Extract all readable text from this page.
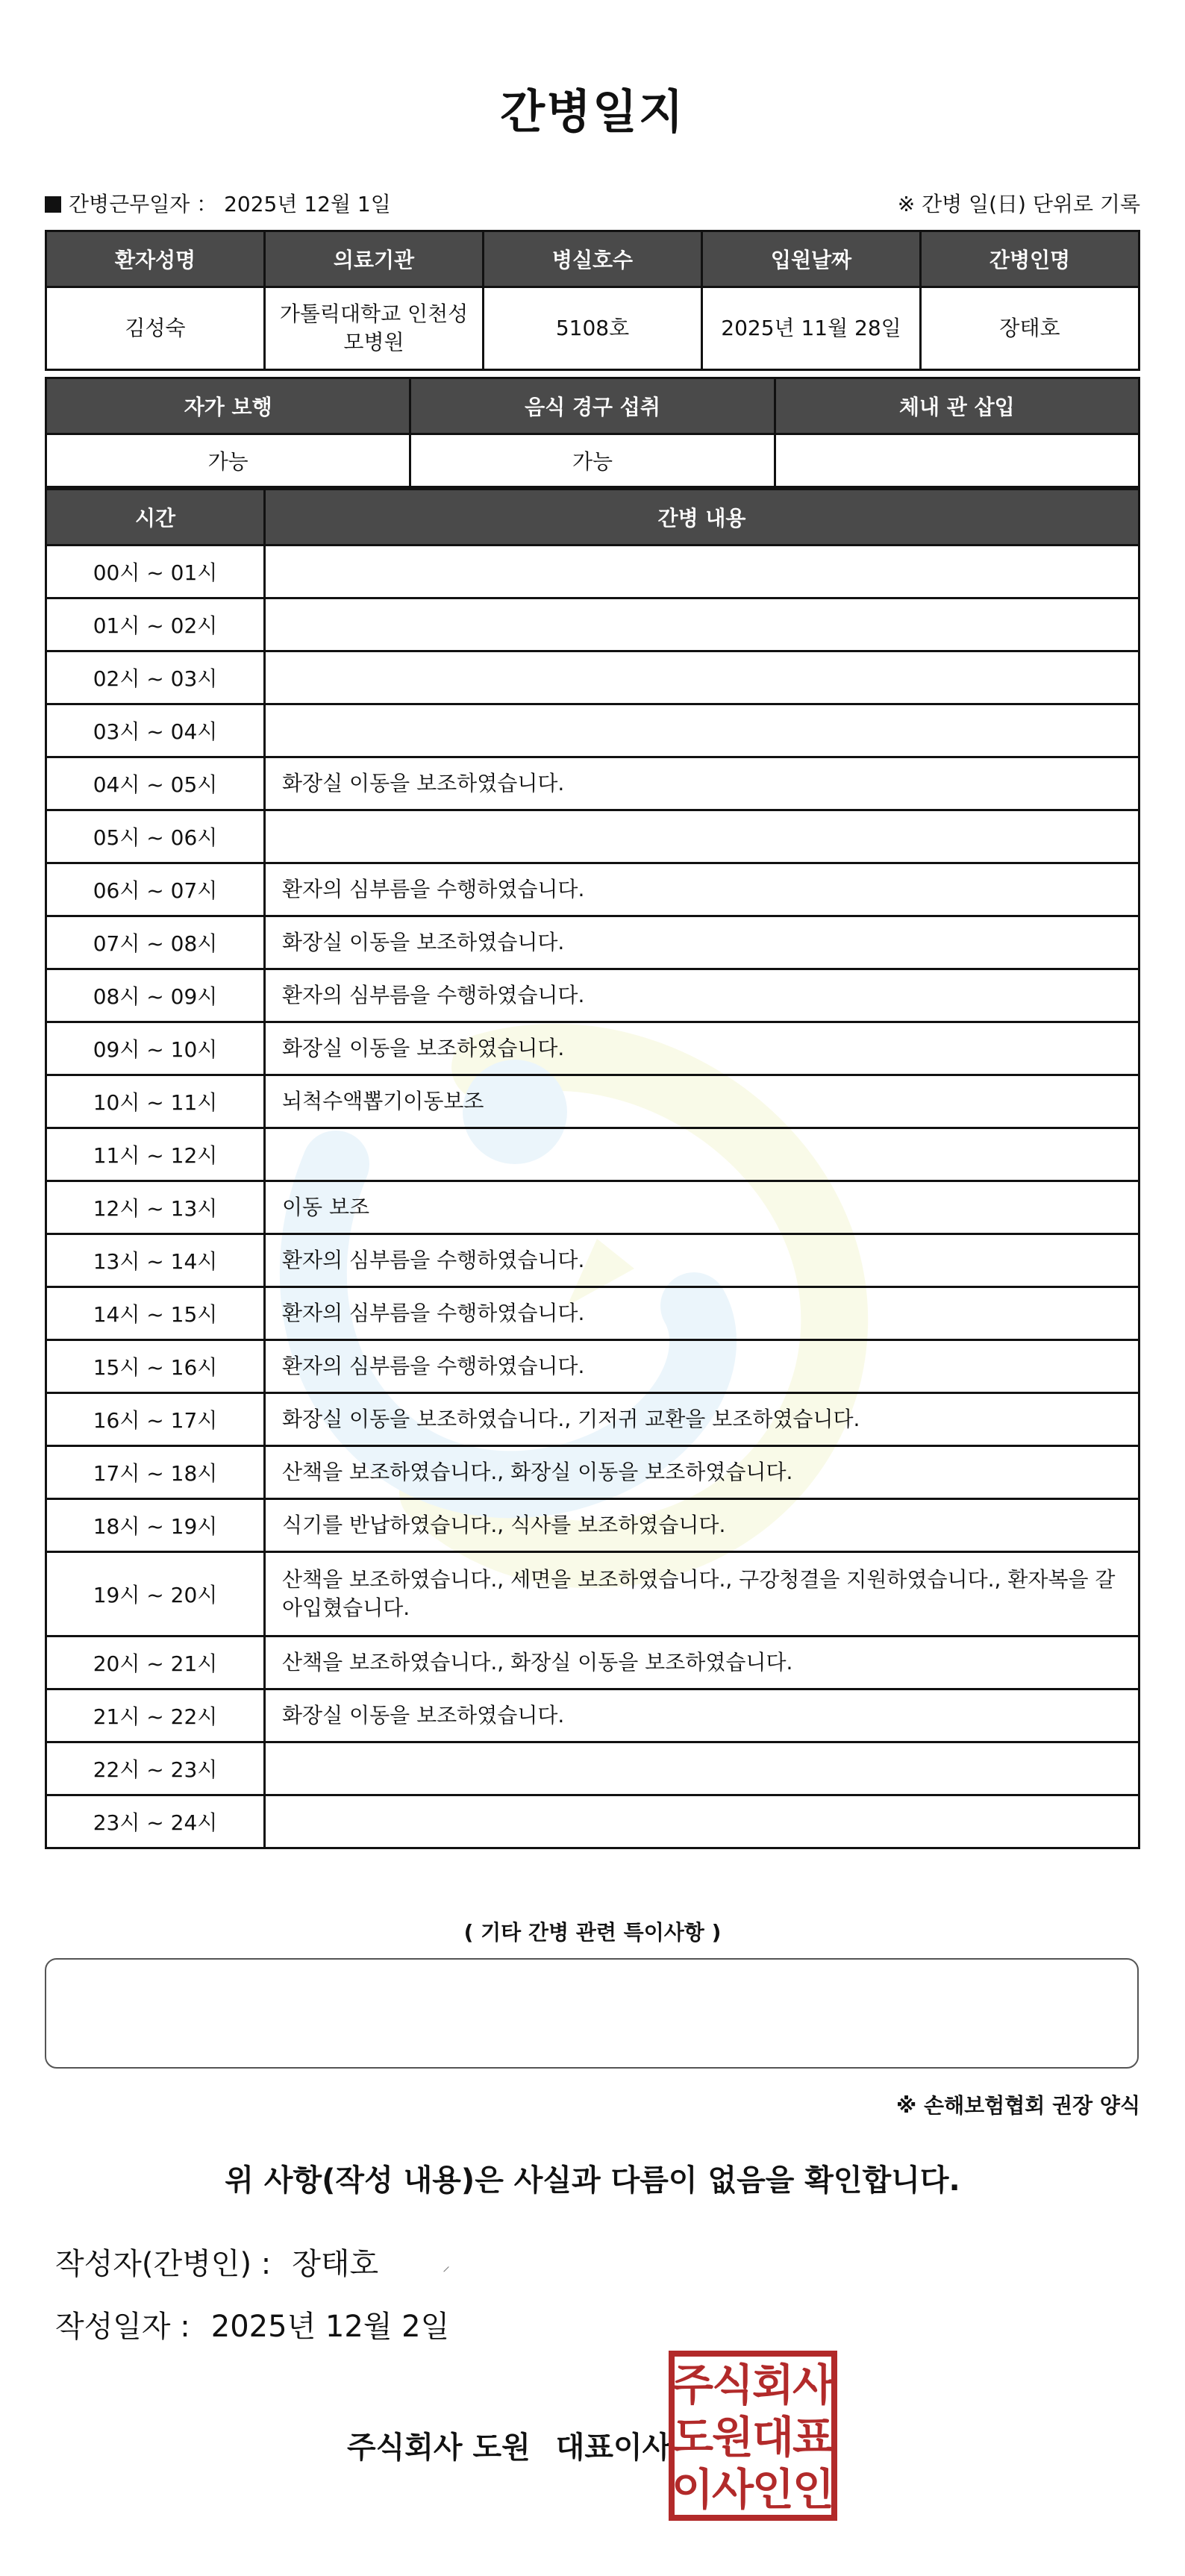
간병일지
간병근무일자 ： 2025년 12월 1일	※ 간병 일(日) 단위로 기록
환자성명	의료기관	병실호수	입원날짜	간병인명
김성숙	가톨릭대학교 인천성모병원	5108호	2025년 11월 28일	장태호
자가 보행	음식 경구 섭취	체내 관 삽입
가능	가능	
시간	간병 내용
00시 ~ 01시	
01시 ~ 02시	
02시 ~ 03시	
03시 ~ 04시	
04시 ~ 05시	화장실 이동을 보조하였습니다.
05시 ~ 06시	
06시 ~ 07시	환자의 심부름을 수행하였습니다.
07시 ~ 08시	화장실 이동을 보조하였습니다.
08시 ~ 09시	환자의 심부름을 수행하였습니다.
09시 ~ 10시	화장실 이동을 보조하였습니다.
10시 ~ 11시	뇌척수액뽑기이동보조
11시 ~ 12시	
12시 ~ 13시	이동 보조
13시 ~ 14시	환자의 심부름을 수행하였습니다.
14시 ~ 15시	환자의 심부름을 수행하였습니다.
15시 ~ 16시	환자의 심부름을 수행하였습니다.
16시 ~ 17시	화장실 이동을 보조하였습니다., 기저귀 교환을 보조하였습니다.
17시 ~ 18시	산책을 보조하였습니다., 화장실 이동을 보조하였습니다.
18시 ~ 19시	식기를 반납하였습니다., 식사를 보조하였습니다.
19시 ~ 20시	산책을 보조하였습니다., 세면을 보조하였습니다., 구강청결을 지원하였습니다., 환자복을 갈아입혔습니다.
20시 ~ 21시	산책을 보조하였습니다., 화장실 이동을 보조하였습니다.
21시 ~ 22시	화장실 이동을 보조하였습니다.
22시 ~ 23시	
23시 ~ 24시	
( 기타 간병 관련 특이사항 )
※ 손해보험협회 권장 양식
위 사항(작성 내용)은 사실과 다름이 없음을 확인합니다.
작성자(간병인) : 장태호	⸝
작성일자 : 2025년 12월 2일
주식회사 도원 대표이사
주
식
회
사
도
원
대
표
이
사
인
인
